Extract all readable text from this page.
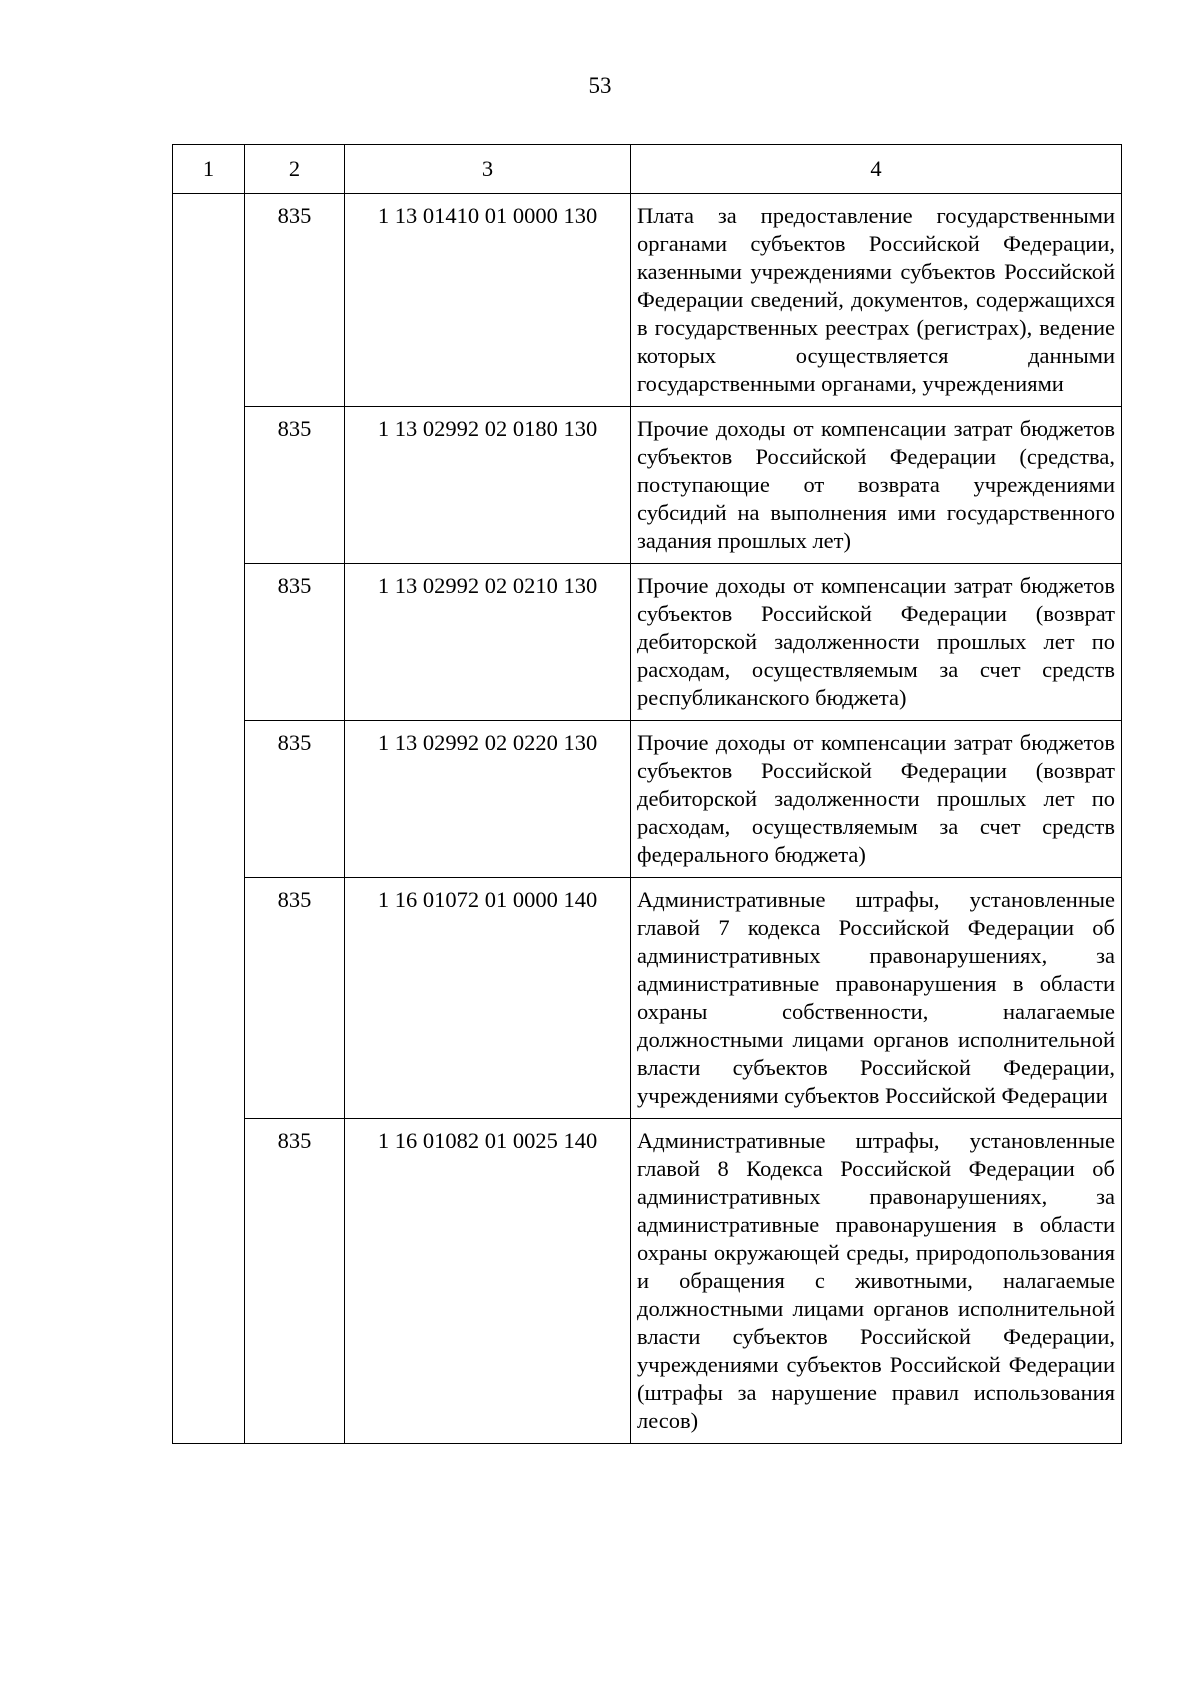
53
1	2	3	4
	835	1 13 01410 01 0000 130	Плата за предоставление государственными органами субъектов Российской Федерации, казенными учреждениями субъектов Российской Федерации сведений, документов, содержащихся в государственных реестрах (регистрах), ведение которых осуществляется данными государственными органами, учреждениями
	835	1 13 02992 02 0180 130	Прочие доходы от компенсации затрат бюджетов субъектов Российской Федерации (средства, поступающие от возврата учреждениями субсидий на выполнения ими государственного задания прошлых лет)
	835	1 13 02992 02 0210 130	Прочие доходы от компенсации затрат бюджетов субъектов Российской Федерации (возврат дебиторской задолженности прошлых лет по расходам, осуществляемым за счет средств республиканского бюджета)
	835	1 13 02992 02 0220 130	Прочие доходы от компенсации затрат бюджетов субъектов Российской Федерации (возврат дебиторской задолженности прошлых лет по расходам, осуществляемым за счет средств федерального бюджета)
	835	1 16 01072 01 0000 140	Административные штрафы, установленные главой 7 кодекса Российской Федерации об административных правонарушениях, за административные правонарушения в области охраны собственности, налагаемые должностными лицами органов исполнительной власти субъектов Российской Федерации, учреждениями субъектов Российской Федерации
	835	1 16 01082 01 0025 140	Административные штрафы, установленные главой 8 Кодекса Российской Федерации об административных правонарушениях, за административные правонарушения в области охраны окружающей среды, природопользования и обращения с животными, налагаемые должностными лицами органов исполнительной власти субъектов Российской Федерации, учреждениями субъектов Российской Федерации (штрафы за нарушение правил использования лесов)
